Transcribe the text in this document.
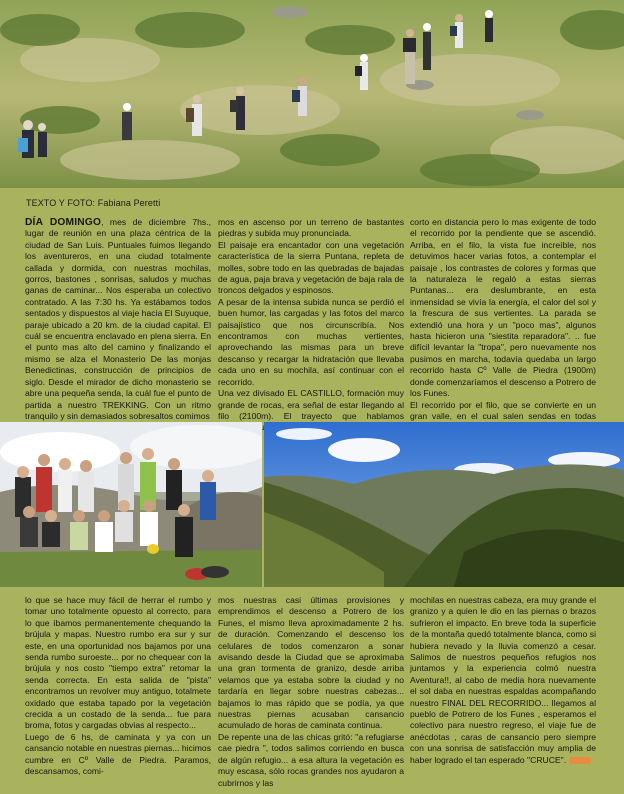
TEXTO Y FOTO: Fabiana Peretti

DÍA DOMINGO, mes de diciembre 7hs., lugar de reunión en una plaza céntrica de la ciudad de San Luis. Puntuales fuimos llegando los aventureros, en una ciudad totalmente callada y dormida, con nuestras mochilas, gorros, bastones , sonrisas, saludos y muchas ganas de caminar... Nos esperaba un colectivo contratado. A las 7:30 hs. Ya estábamos todos sentados y dispuestos al viaje hacia El Suyuque, paraje ubicado a 20 km. de la ciudad capital. El cuál se encuentra enclavado en plena sierra. En el punto mas alto del camino y finalizando el mismo se alza el Monasterio De las monjas Benedictinas, construcción de principios de siglo. Desde el mirador de dicho monasterio se abre una pequeña senda, la cuál fue el punto de partida a nuestro TREKKING. Con un ritmo tranquilo y sin demasiados sobresaltos comimos

mos en ascenso por un terreno de bastantes piedras y subida muy pronunciada.

El paisaje era encantador con una vegetación característica de la sierra Puntana, repleta de molles, sobre todo en las quebradas de bajadas de agua, paja brava y vegetación de baja rala de troncos delgados y espinosos.

A pesar de la intensa subida nunca se perdió el buen humor, las cargadas y las fotos del marco paisajístico que nos circunscribía. Nos encontramos con muchas vertientes, aprovechando las mismas para un breve descanso y recargar la hidratación que llevaba cada uno en su mochila, así continuar con el recorrido.

Una vez divisado EL CASTILLO, formación muy grande de rocas, era señal de estar llegando al filo (2100m). El trayecto que hablamos fue

corto en distancia pero lo mas exigente de todo el recorrido por la pendiente que se ascendió. Arriba, en el filo, la vista fue increíble, nos detuvimos hacer varias fotos, a contemplar el paisaje , los contrastes de colores y formas que la naturaleza le regaló a estas sierras Puntanas... era deslumbrante, en esta inmensidad se vivía la energía, el calor del sol y la frescura de sus vertientes. La parada se extendió una hora y un "poco mas", algunos hasta hicieron una "siestita reparadora". .. fue difícil levantar la "tropa", pero nuevamente nos pusimos en marcha, todavía quedaba un largo recorrido hasta Cº Valle de Piedra (1900m) donde comenzaríamos el descenso a Potrero de los Funes.

El recorrido por el filo, que se convierte en un gran valle, en el cual salen sendas en todas

lo que se hace muy fácil de herrar el rumbo y tomar uno totalmente opuesto al correcto, para lo que íbamos permanentemente chequando la brújula y mapas. Nuestro rumbo era sur y sur este, en una oportunidad nos bajamos por una senda rumbo suroeste... por no chequear con la brújula y nos costo "tiempo extra" retomar la senda correcta. En esta salida de "pista" encontramos un revolver muy antiguo, totalmete oxidado que estaba tapado por la vegetación crecida a un costado de la senda... fue para broma, fotos y cargadas obvias al respecto...

Luego de 6 hs, de caminata y ya con un cansancio notable en nuestras piernas... hicimos cumbre en Cº Valle de Piedra. Paramos, descansamos, comi-

mos nuestras casi últimas provisiones y emprendimos el descenso a Potrero de los Funes, el mismo lleva aproximadamente 2 hs. de duración. Comenzando el descenso los celulares de todos comenzaron a sonar avisando desde la Ciudad que se aproximaba una gran tormenta de granizo, desde arriba velamos que ya estaba sobre la ciudad y no tardaría en llegar sobre nuestras cabezas... bajamos lo mas rápido que se podía, ya que nuestras piernas acusaban cansancio acumulado de horas de caminata continua.

De repente una de las chicas gritó: "a refugiarse cae piedra ", todos salimos corriendo en busca de algún refugio... a esa altura la vegetación es muy escasa, sólo rocas grandes nos ayudaron a cubrirnos y las

mochilas en nuestras cabeza, era muy grande el granizo y a quien le dio en las piernas o brazos sufrieron el impacto. En breve toda la superficie de la montaña quedó totalmente blanca, como si hubiera nevado y la lluvia comenzó a cesar. Salimos de nuestros pequeños refugios nos juntamos y la experiencia colmó nuestra Aventura!!, al cabo de media hora nuevamente el sol daba en nuestras espaldas acompañando nuestro FINAL DEL RECORRIDO... llegamos al pueblo de Potrero de los Funes , esperamos el colectivo para nuestro regreso, el viaje fue de anécdotas , caras de cansancio pero siempre con una sonrisa de satisfacción muy amplia de haber logrado el tan esperado "CRUCE".
